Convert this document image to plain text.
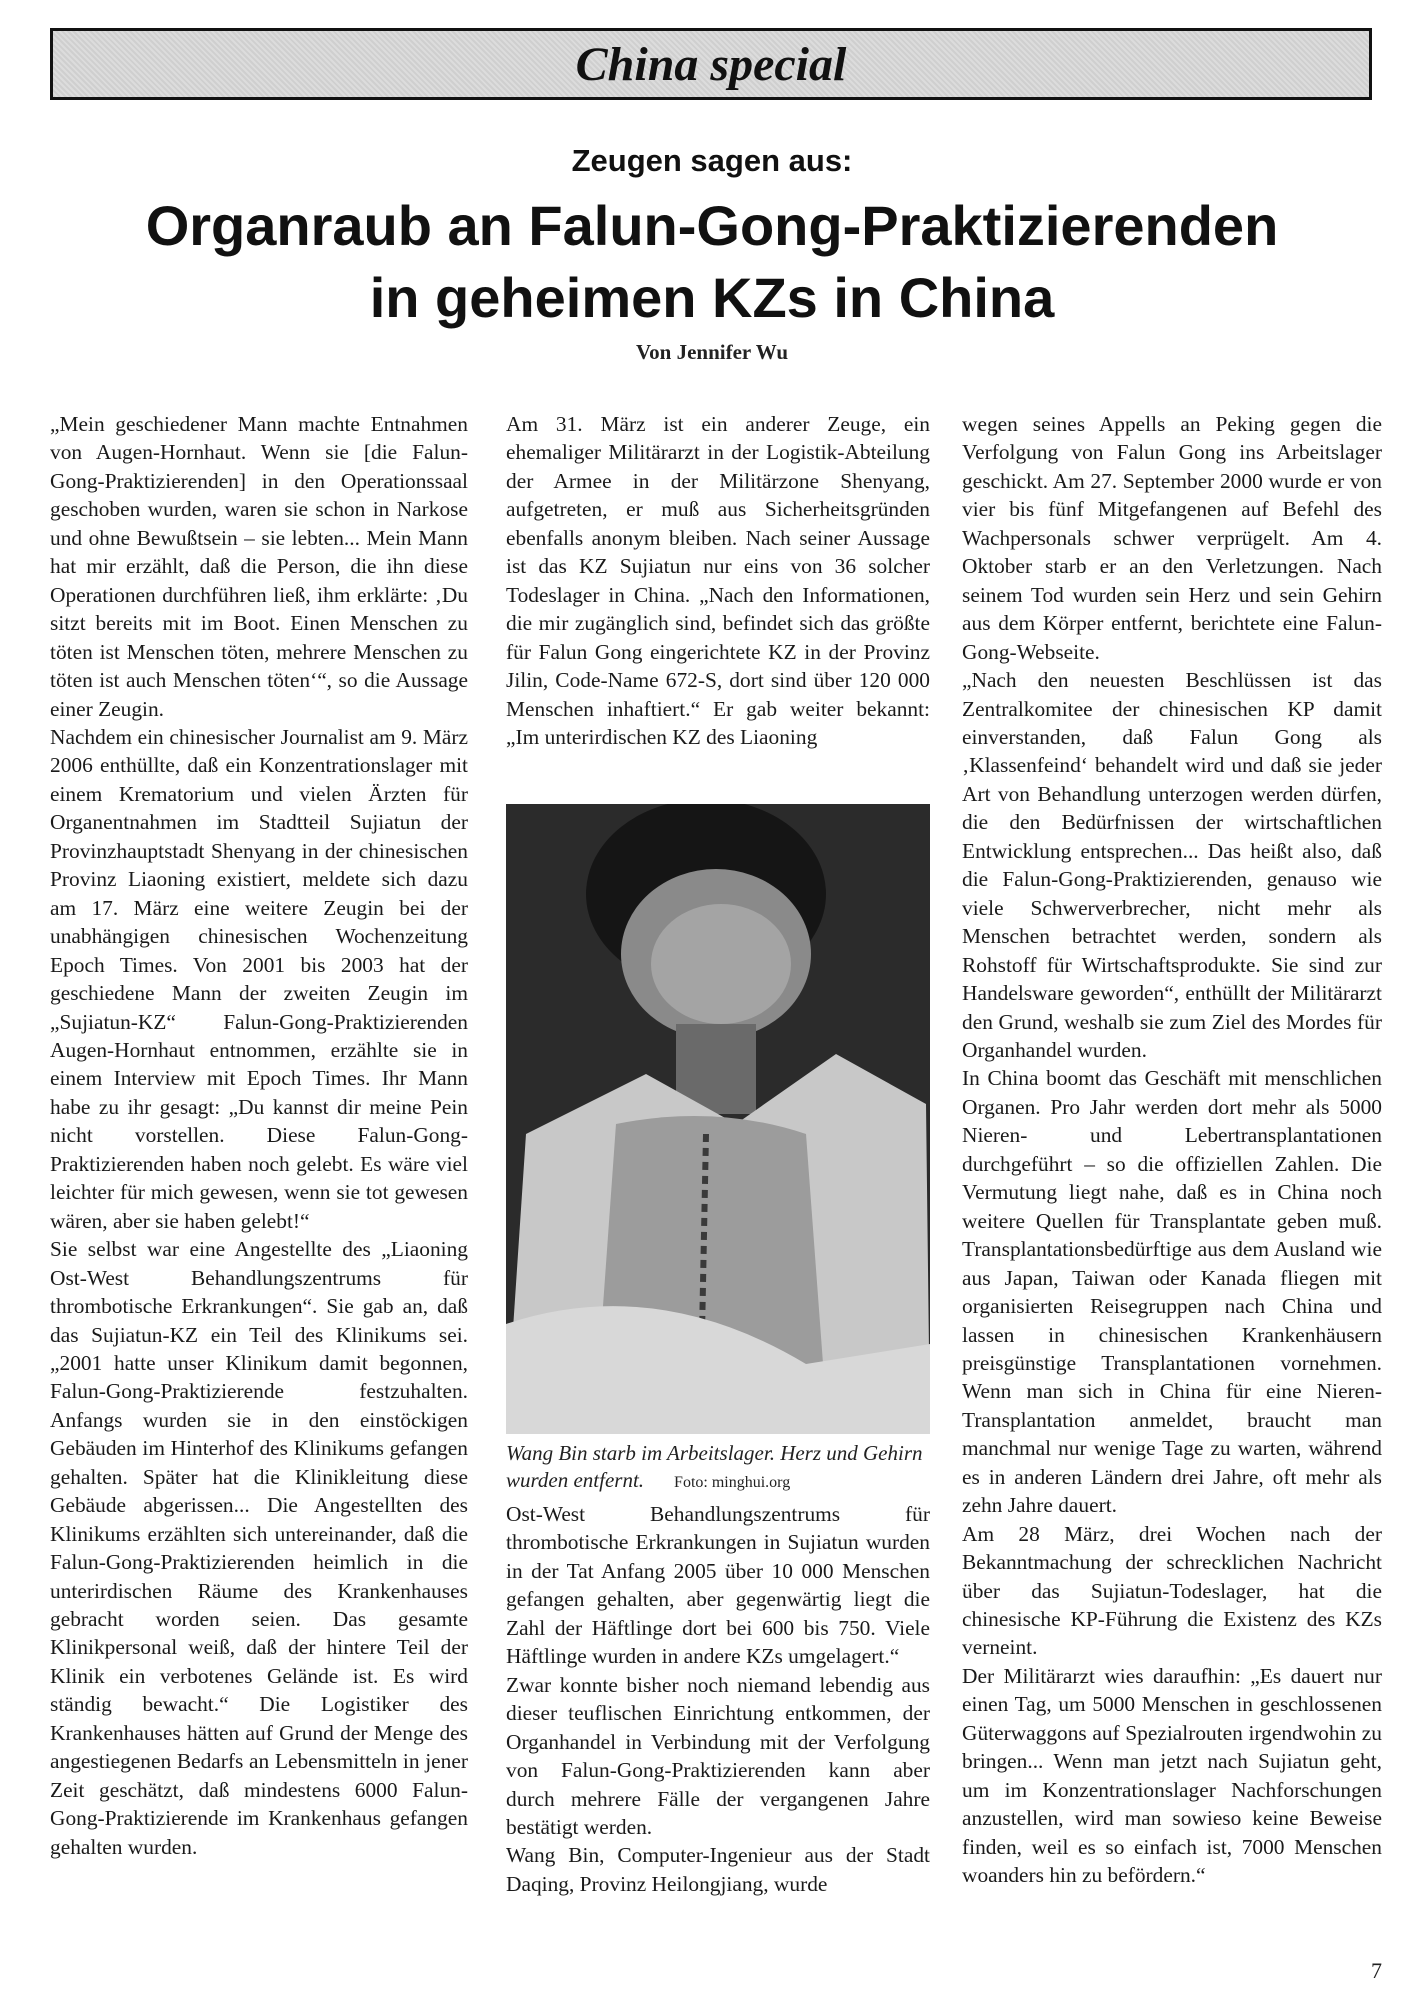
China special
Zeugen sagen aus:
Organraub an Falun-Gong-Praktizierenden
in geheimen KZs in China
Von Jennifer Wu

„Mein geschiedener Mann machte Entnahmen von Augen-Hornhaut. Wenn sie [die Falun-Gong-Praktizierenden] in den Operationssaal geschoben wurden, waren sie schon in Narkose und ohne Bewußtsein – sie lebten... Mein Mann hat mir erzählt, daß die Person, die ihn diese Operationen durchführen ließ, ihm erklärte: ‚Du sitzt bereits mit im Boot. Einen Menschen zu töten ist Menschen töten, mehrere Menschen zu töten ist auch Menschen töten‘“, so die Aussage einer Zeugin.

Nachdem ein chinesischer Journalist am 9. März 2006 enthüllte, daß ein Konzentrationslager mit einem Krematorium und vielen Ärzten für Organentnahmen im Stadtteil Sujiatun der Provinzhauptstadt Shenyang in der chinesischen Provinz Liaoning existiert, meldete sich dazu am 17. März eine weitere Zeugin bei der unabhängigen chinesischen Wochenzeitung Epoch Times. Von 2001 bis 2003 hat der geschiedene Mann der zweiten Zeugin im „Sujiatun-KZ“ Falun-Gong-Praktizierenden Augen-Hornhaut entnommen, erzählte sie in einem Interview mit Epoch Times. Ihr Mann habe zu ihr gesagt: „Du kannst dir meine Pein nicht vorstellen. Diese Falun-Gong-Praktizierenden haben noch gelebt. Es wäre viel leichter für mich gewesen, wenn sie tot gewesen wären, aber sie haben gelebt!“

Sie selbst war eine Angestellte des „Liaoning Ost-West Behandlungszentrums für thrombotische Erkrankungen“. Sie gab an, daß das Sujiatun-KZ ein Teil des Klinikums sei. „2001 hatte unser Klinikum damit begonnen, Falun-Gong-Praktizierende festzuhalten. Anfangs wurden sie in den einstöckigen Gebäuden im Hinterhof des Klinikums gefangen gehalten. Später hat die Klinikleitung diese Gebäude abgerissen... Die Angestellten des Klinikums erzählten sich untereinander, daß die Falun-Gong-Praktizierenden heimlich in die unterirdischen Räume des Krankenhauses gebracht worden seien. Das gesamte Klinikpersonal weiß, daß der hintere Teil der Klinik ein verbotenes Gelände ist. Es wird ständig bewacht.“ Die Logistiker des Krankenhauses hätten auf Grund der Menge des angestiegenen Bedarfs an Lebensmitteln in jener Zeit geschätzt, daß mindestens 6000 Falun-Gong-Praktizierende im Krankenhaus gefangen gehalten wurden.

Am 31. März ist ein anderer Zeuge, ein ehemaliger Militärarzt in der Logistik-Abteilung der Armee in der Militärzone Shenyang, aufgetreten, er muß aus Sicherheitsgründen ebenfalls anonym bleiben. Nach seiner Aussage ist das KZ Sujiatun nur eins von 36 solcher Todeslager in China. „Nach den Informationen, die mir zugänglich sind, befindet sich das größte für Falun Gong eingerichtete KZ in der Provinz Jilin, Code-Name 672-S, dort sind über 120 000 Menschen inhaftiert.“ Er gab weiter bekannt: „Im unterirdischen KZ des Liaoning

Wang Bin starb im Arbeitslager. Herz und Gehirn wurden entfernt. Foto: minghui.org

Ost-West Behandlungszentrums für thrombotische Erkrankungen in Sujiatun wurden in der Tat Anfang 2005 über 10 000 Menschen gefangen gehalten, aber gegenwärtig liegt die Zahl der Häftlinge dort bei 600 bis 750. Viele Häftlinge wurden in andere KZs umgelagert.“

Zwar konnte bisher noch niemand lebendig aus dieser teuflischen Einrichtung entkommen, der Organhandel in Verbindung mit der Verfolgung von Falun-Gong-Praktizierenden kann aber durch mehrere Fälle der vergangenen Jahre bestätigt werden.

Wang Bin, Computer-Ingenieur aus der Stadt Daqing, Provinz Heilongjiang, wurde

wegen seines Appells an Peking gegen die Verfolgung von Falun Gong ins Arbeitslager geschickt. Am 27. September 2000 wurde er von vier bis fünf Mitgefangenen auf Befehl des Wachpersonals schwer verprügelt. Am 4. Oktober starb er an den Verletzungen. Nach seinem Tod wurden sein Herz und sein Gehirn aus dem Körper entfernt, berichtete eine Falun-Gong-Webseite.

„Nach den neuesten Beschlüssen ist das Zentralkomitee der chinesischen KP damit einverstanden, daß Falun Gong als ‚Klassenfeind‘ behandelt wird und daß sie jeder Art von Behandlung unterzogen werden dürfen, die den Bedürfnissen der wirtschaftlichen Entwicklung entsprechen... Das heißt also, daß die Falun-Gong-Praktizierenden, genauso wie viele Schwerverbrecher, nicht mehr als Menschen betrachtet werden, sondern als Rohstoff für Wirtschaftsprodukte. Sie sind zur Handelsware geworden“, enthüllt der Militärarzt den Grund, weshalb sie zum Ziel des Mordes für Organhandel wurden.

In China boomt das Geschäft mit menschlichen Organen. Pro Jahr werden dort mehr als 5000 Nieren- und Lebertransplantationen durchgeführt – so die offiziellen Zahlen. Die Vermutung liegt nahe, daß es in China noch weitere Quellen für Transplantate geben muß. Transplantationsbedürftige aus dem Ausland wie aus Japan, Taiwan oder Kanada fliegen mit organisierten Reisegruppen nach China und lassen in chinesischen Krankenhäusern preisgünstige Transplantationen vornehmen. Wenn man sich in China für eine Nieren-Transplantation anmeldet, braucht man manchmal nur wenige Tage zu warten, während es in anderen Ländern drei Jahre, oft mehr als zehn Jahre dauert.

Am 28 März, drei Wochen nach der Bekanntmachung der schrecklichen Nachricht über das Sujiatun-Todeslager, hat die chinesische KP-Führung die Existenz des KZs verneint.

Der Militärarzt wies daraufhin: „Es dauert nur einen Tag, um 5000 Menschen in geschlossenen Güterwaggons auf Spezialrouten irgendwohin zu bringen... Wenn man jetzt nach Sujiatun geht, um im Konzentrationslager Nachforschungen anzustellen, wird man sowieso keine Beweise finden, weil es so einfach ist, 7000 Menschen woanders hin zu befördern.“

7
